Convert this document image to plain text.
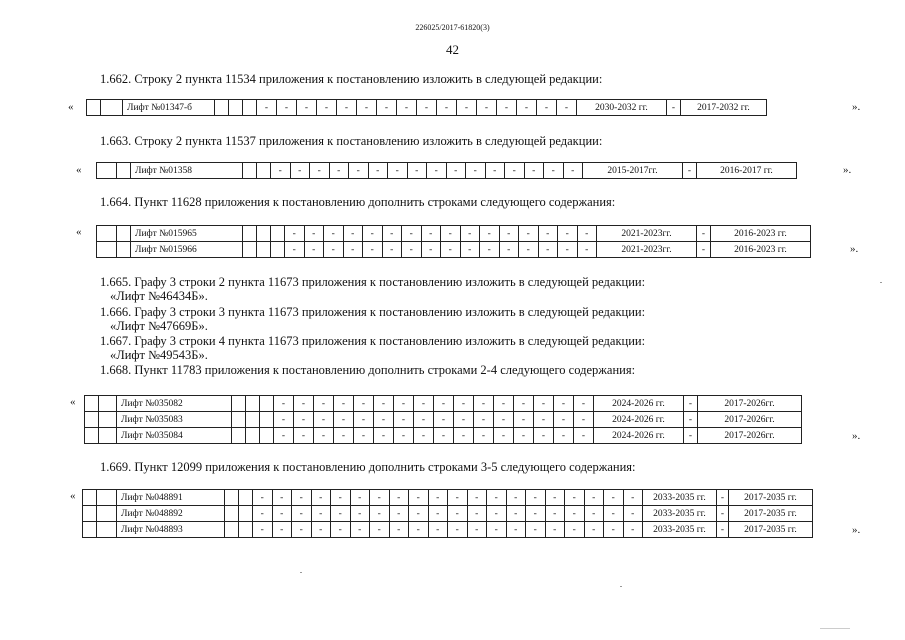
226025/2017-61820(3)
42
1.662. Строку 2 пункта 11534 приложения к постановлению изложить в следующей редакции:
1.663. Строку 2 пункта 11537 приложения к постановлению изложить в следующей редакции:
1.664. Пункт 11628 приложения к постановлению дополнить строками следующего содержания:
1.665. Графу 3 строки 2 пункта 11673 приложения к постановлению изложить в следующей редакции:
«Лифт №46434Б».
1.666. Графу 3 строки 3 пункта 11673 приложения к постановлению изложить в следующей редакции:
«Лифт №47669Б».
1.667. Графу 3 строки 4 пункта 11673 приложения к постановлению изложить в следующей редакции:
«Лифт №49543Б».
1.668. Пункт 11783 приложения к постановлению дополнить строками 2-4 следующего содержания:
1.669. Пункт 12099 приложения к постановлению дополнить строками 3-5 следующего содержания:
«
			Лифт №01347-б				-	-	-	-	-	-	-	-	-	-	-	-	-	-	-	-	2030-2032 гг.	-	2017-2032 гг.	».
«
			Лифт №01358			-	-	-	-	-	-	-	-	-	-	-	-	-	-	-	-	2015-2017гг.	-	2016-2017 гг.	».
«
			Лифт №015965				-	-	-	-	-	-	-	-	-	-	-	-	-	-	-	-	2021-2023гг.	-	2016-2023 гг.
		Лифт №015966				-	-	-	-	-	-	-	-	-	-	-	-	-	-	-	-	2021-2023гг.	-	2016-2023 гг.	».
«
			Лифт №035082				-	-	-	-	-	-	-	-	-	-	-	-	-	-	-	-	2024-2026 гг.	-	2017-2026гг.
		Лифт №035083				-	-	-	-	-	-	-	-	-	-	-	-	-	-	-	-	2024-2026 гг.	-	2017-2026гг.
		Лифт №035084				-	-	-	-	-	-	-	-	-	-	-	-	-	-	-	-	2024-2026 гг.	-	2017-2026гг.	».
«
			Лифт №048891			-	-	-	-	-	-	-	-	-	-	-	-	-	-	-	-	-	-	-	-	2033-2035 гг.	-	2017-2035 гг.
		Лифт №048892			-	-	-	-	-	-	-	-	-	-	-	-	-	-	-	-	-	-	-	-	2033-2035 гг.	-	2017-2035 гг.
		Лифт №048893			-	-	-	-	-	-	-	-	-	-	-	-	-	-	-	-	-	-	-	-	2033-2035 гг.	-	2017-2035 гг.	».
